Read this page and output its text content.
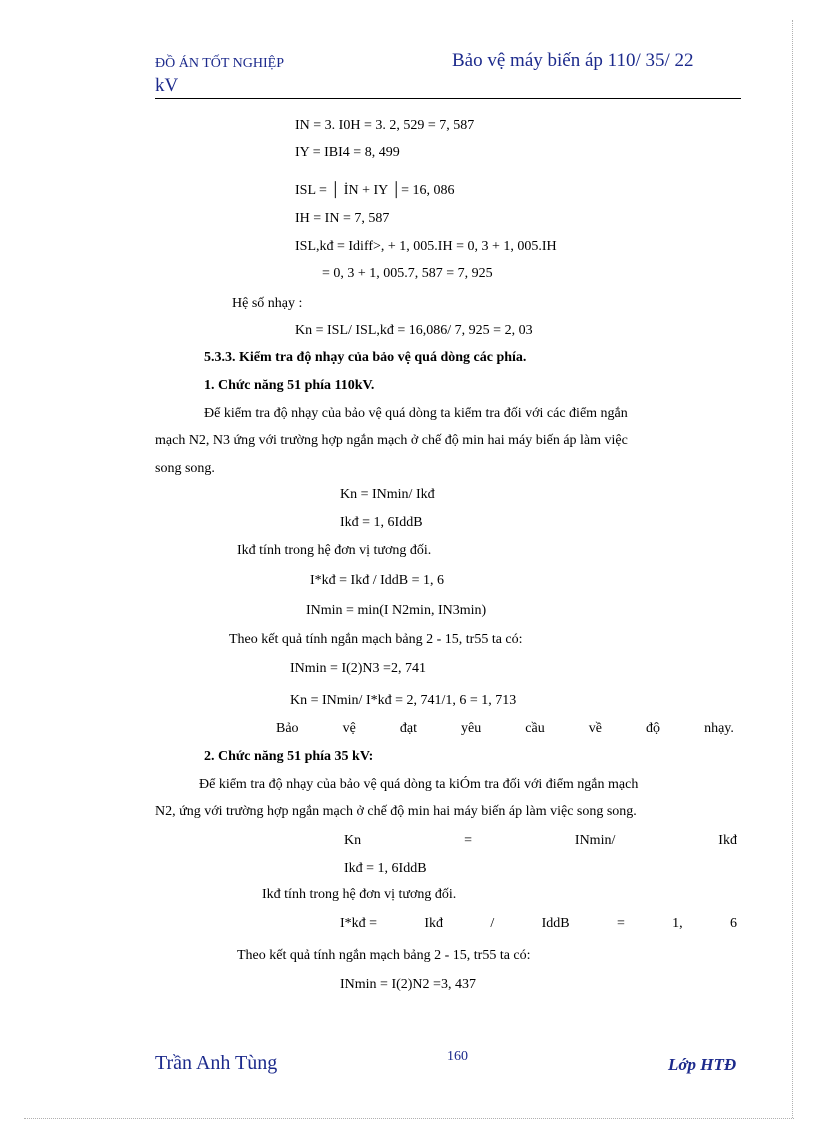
ĐỒ ÁN TỐT NGHIỆP	Bảo vệ máy biến áp 110/ 35/ 22
kV
IN = 3. I0H = 3. 2, 529 = 7, 587
IY = IBI4 = 8, 499
ISL = │ İN + IY │= 16, 086
IH = IN = 7, 587
ISL,kđ = Idiff>, + 1, 005.IH = 0, 3 + 1, 005.IH
= 0, 3 + 1, 005.7, 587 = 7, 925
Hệ số nhạy :
Kn = ISL/ ISL,kđ = 16,086/ 7, 925 = 2, 03
5.3.3. Kiểm tra độ nhạy của bảo vệ quá dòng các phía.
1. Chức năng 51 phía 110kV.
Kn = INmin/ Ikđ
Ikđ = 1, 6IddB
Ikđ tính trong hệ đơn vị tương đối.
I*kđ = Ikđ / IddB = 1, 6
INmin = min(I N2min, IN3min)
Theo kết quả tính ngắn mạch bảng 2 - 15, tr55 ta có:
INmin = I(2)N3 =2, 741
Kn = INmin/ I*kđ = 2, 741/1, 6 = 1, 713
2. Chức năng 51 phía 35 kV:
Ikđ = 1, 6IddB
Ikđ tính trong hệ đơn vị tương đối.
Theo kết quả tính ngắn mạch bảng 2 - 15, tr55 ta có:
INmin = I(2)N2 =3, 437
Để kiểm tra độ nhạy của bảo vệ quá dòng ta kiểm tra đối với các điểm ngắn
mạch N2, N3 ứng với trường hợp ngắn mạch ở chế độ min hai máy biến áp làm việc
song song.
Bảo	vệ	đạt	yêu	cầu	về	độ	nhạy.
Để kiểm tra độ nhạy của bảo vệ quá dòng ta kiÓm tra đối với điểm ngắn mạch
N2, ứng với trường hợp ngắn mạch ở chế độ min hai máy biến áp làm việc song song.
Kn	=	INmin/	Ikđ
I*kđ =	Ikđ	/	IddB	=	1,	6
Trần Anh Tùng	160	Lớp HTĐ
